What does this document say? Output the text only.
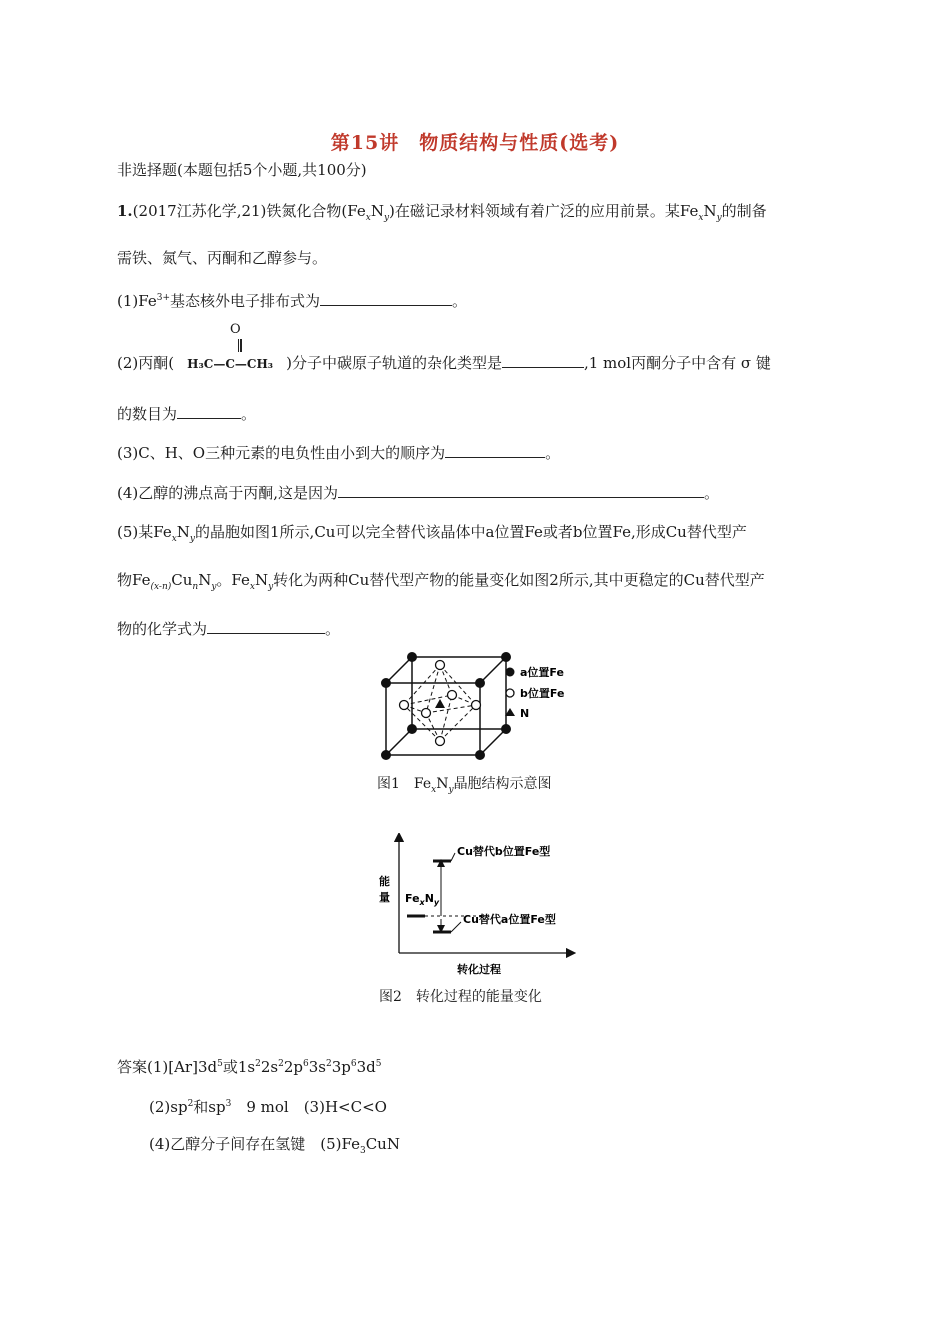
第15讲　物质结构与性质(选考)
非选择题(本题包括5个小题,共100分)
1.(2017江苏化学,21)铁氮化合物$(Fe_xN_y)$在磁记录材料领域有着广泛的应用前景。某$Fe_xN_y$的制备
需铁、氮气、丙酮和乙醇参与。
$(1)Fe^{3+}$基态核外电子排布式为	。
O
(2)丙酮( H₃C—C—CH₃ )分子中碳原子轨道的杂化类型是	,1 mol丙酮分子中含有 σ 键
的数目为	。
(3)C、H、O三种元素的电负性由小到大的顺序为	。
(4)乙醇的沸点高于丙酮,这是因为	。
(5)某$Fe_xN_y$的晶胞如图1所示,Cu可以完全替代该晶体中a位置Fe或者b位置Fe,形成Cu替代型产
物$Fe_{(x-n)}Cu_nN_y$。$Fe_xN_y$转化为两种Cu替代型产物的能量变化如图2所示,其中更稳定的Cu替代型产
物的化学式为	。
a位置Fe
b位置Fe
N
图1　$Fe_xN_y$晶胞结构示意图
能
量 $Fe_xN_y$
Cu替代b位置Fe型
Cu替代a位置Fe型
转化过程
图2　转化过程的能量变化
答案$(1)[Ar]3d^5$或$1s^22s^22p^63s^23p^63d^5$
$(2)sp^2$和$sp^3$　9 mol　(3)H<C<O
(4)乙醇分子间存在氢键　$(5)Fe_3CuN$
